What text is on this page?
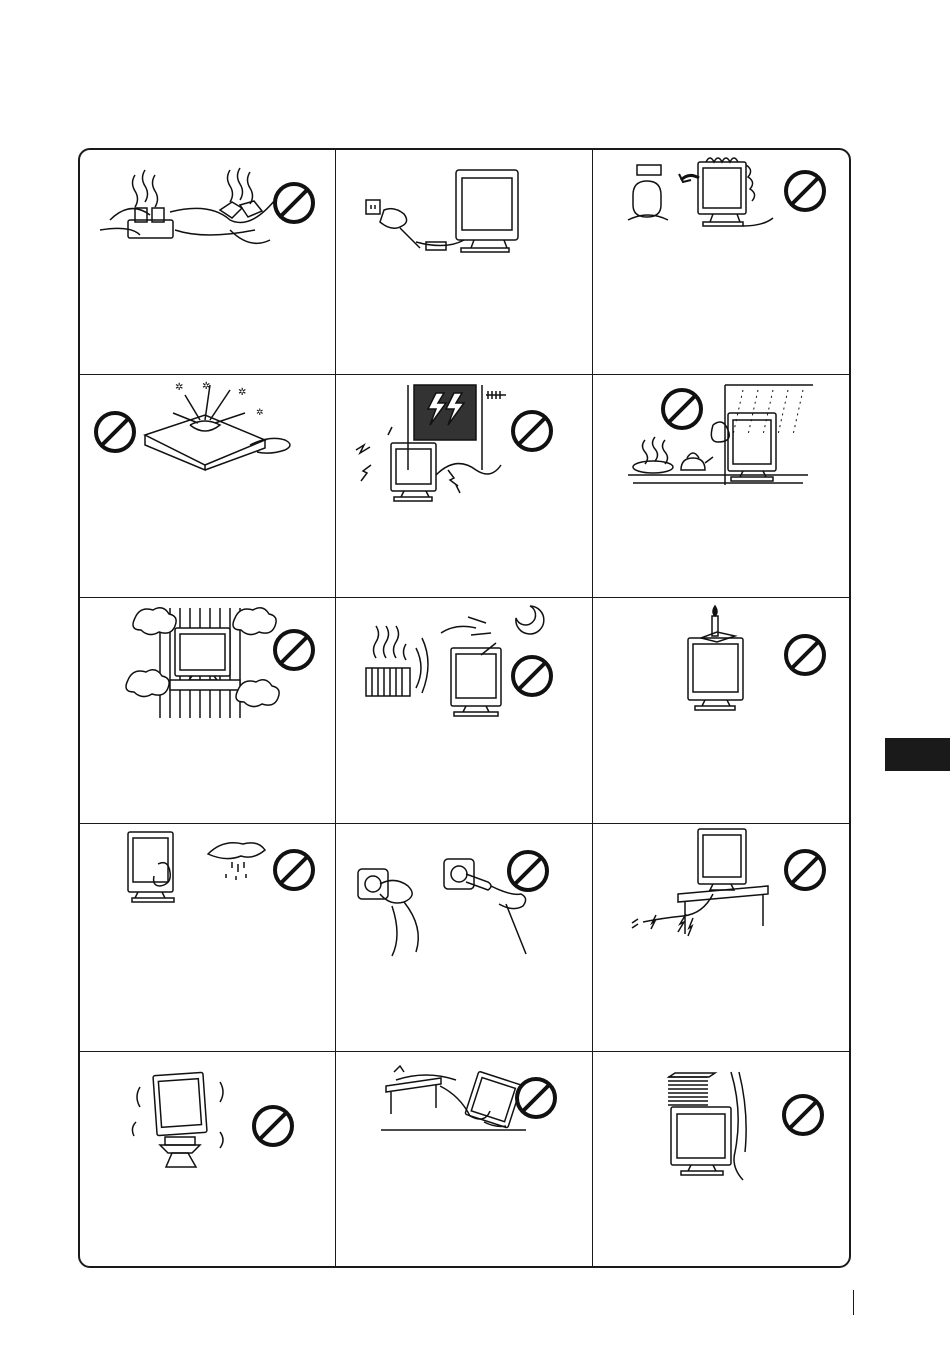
✲ ✲
✲
✲
